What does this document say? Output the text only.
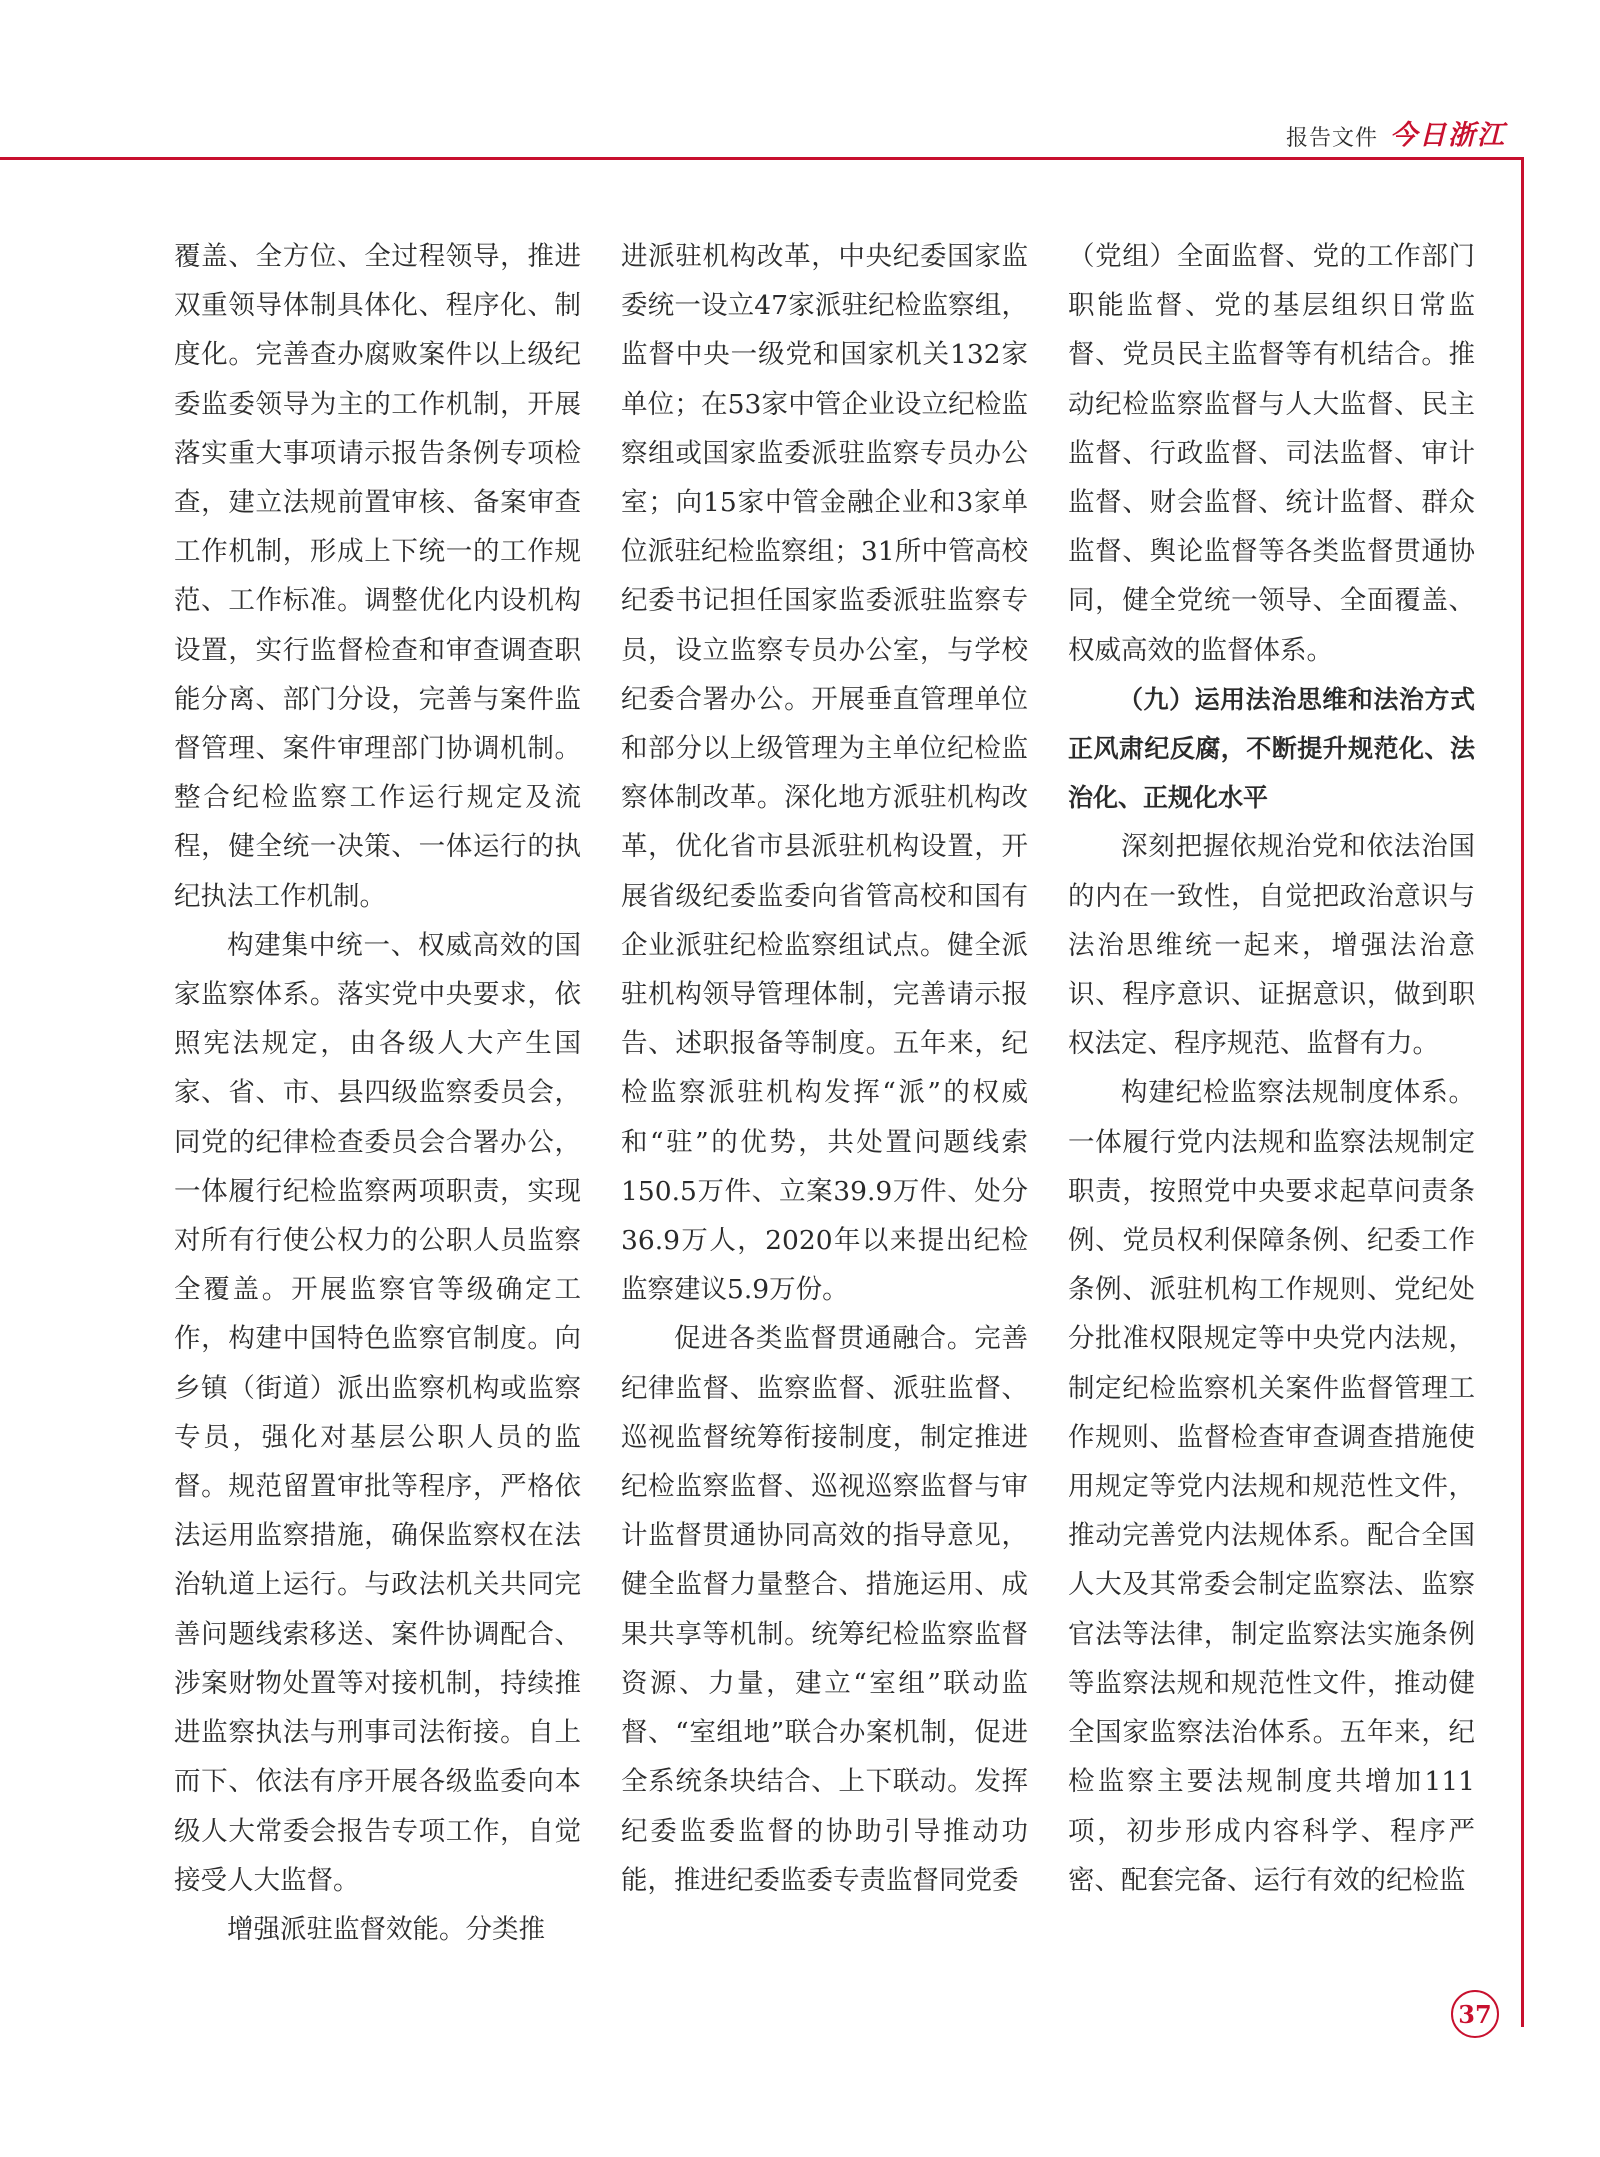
报告文件 今日浙江

覆盖、全方位、全过程领导，推进双重领导体制具体化、程序化、制度化。完善查办腐败案件以上级纪委监委领导为主的工作机制，开展落实重大事项请示报告条例专项检查，建立法规前置审核、备案审查工作机制，形成上下统一的工作规范、工作标准。调整优化内设机构设置，实行监督检查和审查调查职能分离、部门分设，完善与案件监督管理、案件审理部门协调机制。整合纪检监察工作运行规定及流程，健全统一决策、一体运行的执纪执法工作机制。

构建集中统一、权威高效的国家监察体系。落实党中央要求，依照宪法规定，由各级人大产生国家、省、市、县四级监察委员会，同党的纪律检查委员会合署办公，一体履行纪检监察两项职责，实现对所有行使公权力的公职人员监察全覆盖。开展监察官等级确定工作，构建中国特色监察官制度。向乡镇（街道）派出监察机构或监察专员，强化对基层公职人员的监督。规范留置审批等程序，严格依法运用监察措施，确保监察权在法治轨道上运行。与政法机关共同完善问题线索移送、案件协调配合、涉案财物处置等对接机制，持续推进监察执法与刑事司法衔接。自上而下、依法有序开展各级监委向本级人大常委会报告专项工作，自觉接受人大监督。

增强派驻监督效能。分类推

进派驻机构改革，中央纪委国家监委统一设立47家派驻纪检监察组，监督中央一级党和国家机关132家单位；在53家中管企业设立纪检监察组或国家监委派驻监察专员办公室；向15家中管金融企业和3家单位派驻纪检监察组；31所中管高校纪委书记担任国家监委派驻监察专员，设立监察专员办公室，与学校纪委合署办公。开展垂直管理单位和部分以上级管理为主单位纪检监察体制改革。深化地方派驻机构改革，优化省市县派驻机构设置，开展省级纪委监委向省管高校和国有企业派驻纪检监察组试点。健全派驻机构领导管理体制，完善请示报告、述职报备等制度。五年来，纪检监察派驻机构发挥“派”的权威和“驻”的优势，共处置问题线索150.5万件、立案39.9万件、处分36.9万人，2020年以来提出纪检监察建议5.9万份。

促进各类监督贯通融合。完善纪律监督、监察监督、派驻监督、巡视监督统筹衔接制度，制定推进纪检监察监督、巡视巡察监督与审计监督贯通协同高效的指导意见，健全监督力量整合、措施运用、成果共享等机制。统筹纪检监察监督资源、力量，建立“室组”联动监督、“室组地”联合办案机制，促进全系统条块结合、上下联动。发挥纪委监委监督的协助引导推动功能，推进纪委监委专责监督同党委

（党组）全面监督、党的工作部门职能监督、党的基层组织日常监督、党员民主监督等有机结合。推动纪检监察监督与人大监督、民主监督、行政监督、司法监督、审计监督、财会监督、统计监督、群众监督、舆论监督等各类监督贯通协同，健全党统一领导、全面覆盖、权威高效的监督体系。

（九）运用法治思维和法治方式正风肃纪反腐，不断提升规范化、法治化、正规化水平

深刻把握依规治党和依法治国的内在一致性，自觉把政治意识与法治思维统一起来，增强法治意识、程序意识、证据意识，做到职权法定、程序规范、监督有力。

构建纪检监察法规制度体系。一体履行党内法规和监察法规制定职责，按照党中央要求起草问责条例、党员权利保障条例、纪委工作条例、派驻机构工作规则、党纪处分批准权限规定等中央党内法规，制定纪检监察机关案件监督管理工作规则、监督检查审查调查措施使用规定等党内法规和规范性文件，推动完善党内法规体系。配合全国人大及其常委会制定监察法、监察官法等法律，制定监察法实施条例等监察法规和规范性文件，推动健全国家监察法治体系。五年来，纪检监察主要法规制度共增加111项，初步形成内容科学、程序严密、配套完备、运行有效的纪检监

37
